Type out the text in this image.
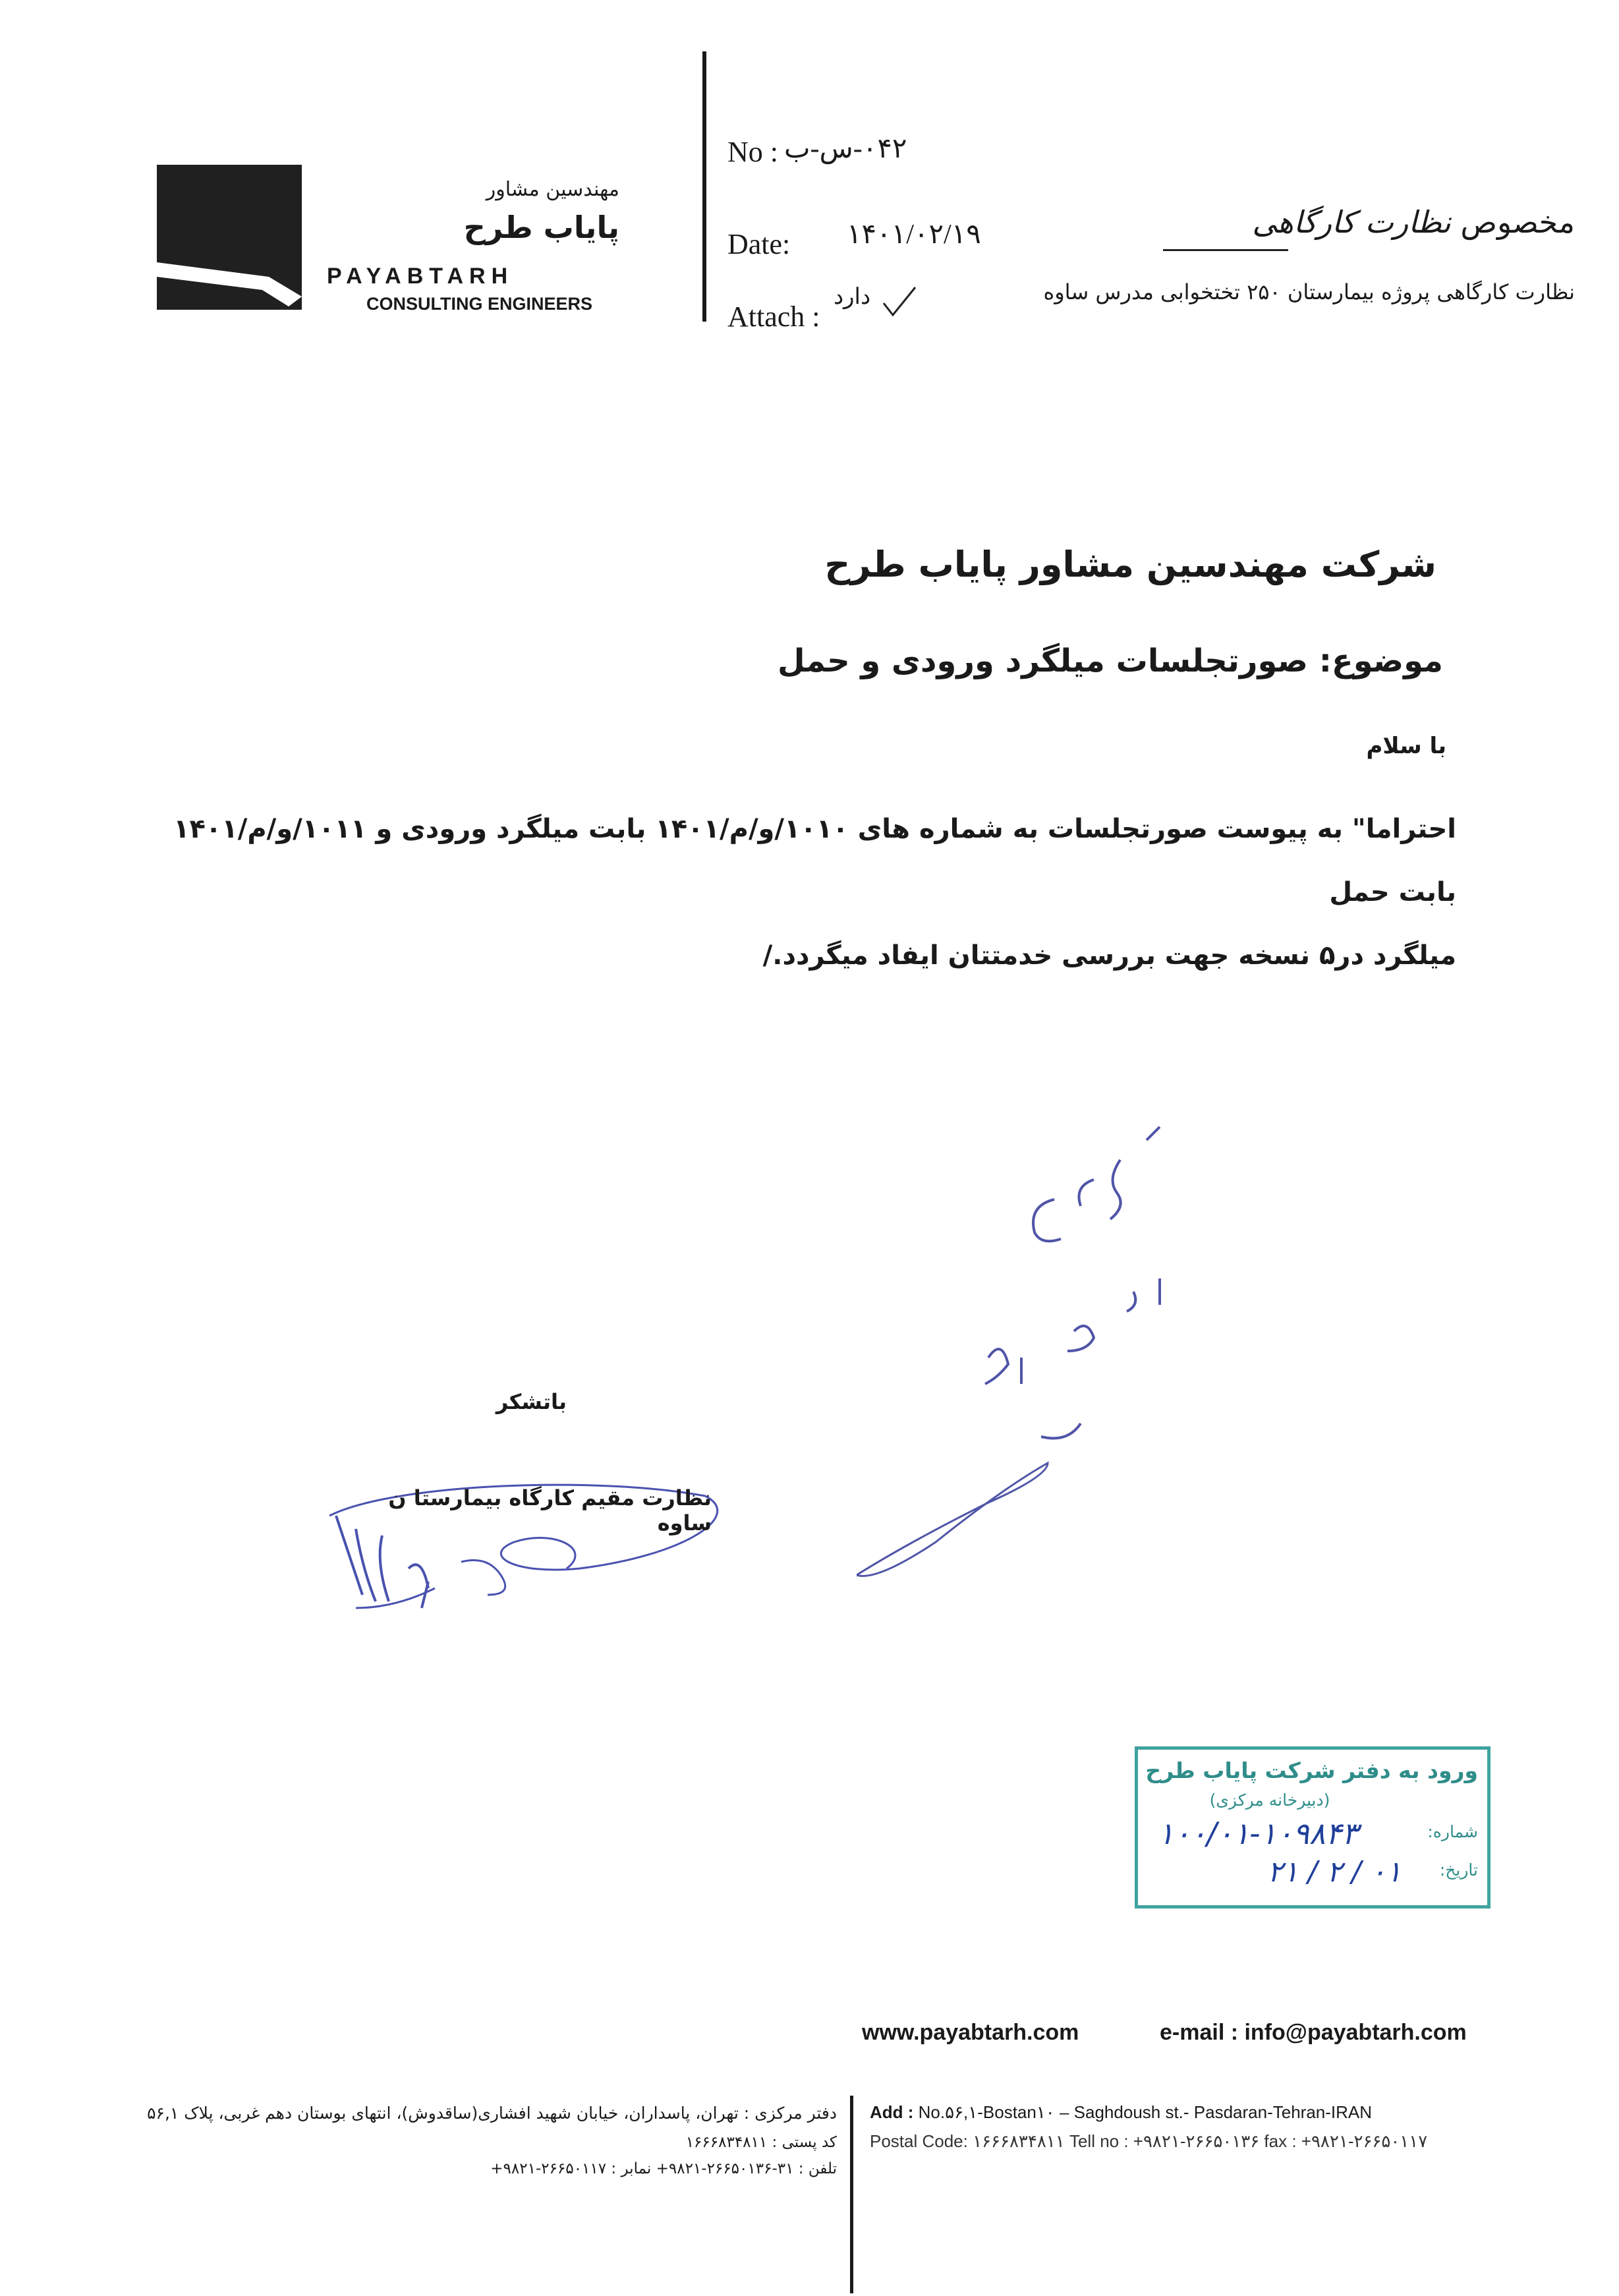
مهندسین مشاور
پایاب طرح
PAYABTARH
CONSULTING ENGINEERS
No : ۰۴۲-س-ب
Date: ۱۴۰۱/۰۲/۱۹
Attach :
دارد
مخصوص نظارت کارگاهی
نظارت کارگاهی پروژه بیمارستان ۲۵۰ تختخوابی مدرس ساوه
شرکت مهندسین مشاور پایاب طرح
موضوع: صورتجلسات میلگرد ورودی و حمل
با سلام
احتراما" به پیوست صورتجلسات به شماره های ۱۰۱۰/و/م/۱۴۰۱ بابت میلگرد ورودی و ۱۰۱۱/و/م/۱۴۰۱ بابت حمل
میلگرد در۵ نسخه جهت بررسی خدمتتان ایفاد میگردد./
باتشکر
نظارت مقیم کارگاه بیمارستا ن ساوه
ورود به دفتر شرکت پایاب طرح
(دبیرخانه مرکزی)
شماره:
۱۰۰/۰۱-۱۰۹۸۴۳
تاریخ:
۰۱ / ۲ / ۲۱
www.payabtarh.com	e-mail : info@payabtarh.com
دفتر مرکزی : تهران، پاسداران، خیابان شهید افشاری(ساقدوش)، انتهای بوستان دهم غربی، پلاک ۵۶,۱
کد پستی : ۱۶۶۶۸۳۴۸۱۱
تلفن : ۳۱-۲۶۶۵۰۱۳۶-۹۸۲۱+ نمابر : ۲۶۶۵۰۱۱۷-۹۸۲۱+
Add : No.۵۶,۱-Bostan۱۰ – Saghdoush st.- Pasdaran-Tehran-IRAN
Postal Code: ۱۶۶۶۸۳۴۸۱۱ Tell no : +۹۸۲۱-۲۶۶۵۰۱۳۶ fax : +۹۸۲۱-۲۶۶۵۰۱۱۷
